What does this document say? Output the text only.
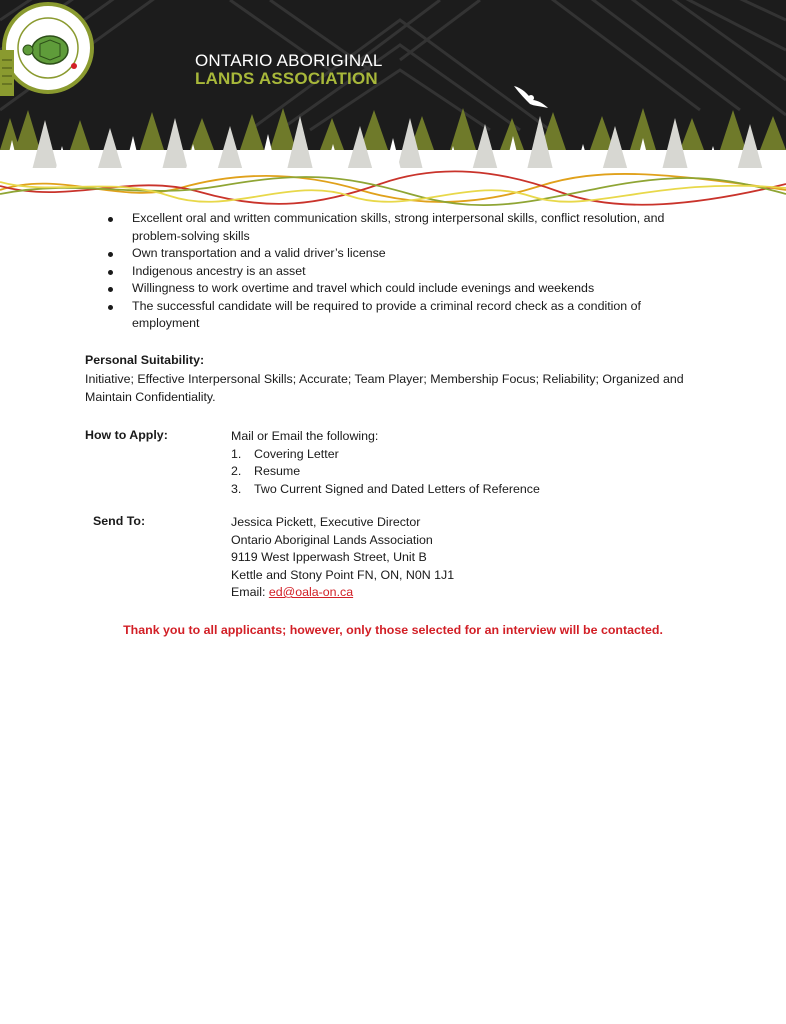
ONTARIO ABORIGINAL
LANDS ASSOCIATION
Excellent oral and written communication skills, strong interpersonal skills, conflict resolution, and problem-solving skills
Own transportation and a valid driver’s license
Indigenous ancestry is an asset
Willingness to work overtime and travel which could include evenings and weekends
The successful candidate will be required to provide a criminal record check as a condition of employment
Personal Suitability:
Initiative; Effective Interpersonal Skills; Accurate; Team Player; Membership Focus; Reliability; Organized and Maintain Confidentiality.
How to Apply:	Mail or Email the following:
1. Covering Letter
2. Resume
3. Two Current Signed and Dated Letters of Reference
Send To:	Jessica Pickett, Executive Director
Ontario Aboriginal Lands Association
9119 West Ipperwash Street, Unit B
Kettle and Stony Point FN, ON, N0N 1J1
Email: ed@oala-on.ca
Thank you to all applicants; however, only those selected for an interview will be contacted.
